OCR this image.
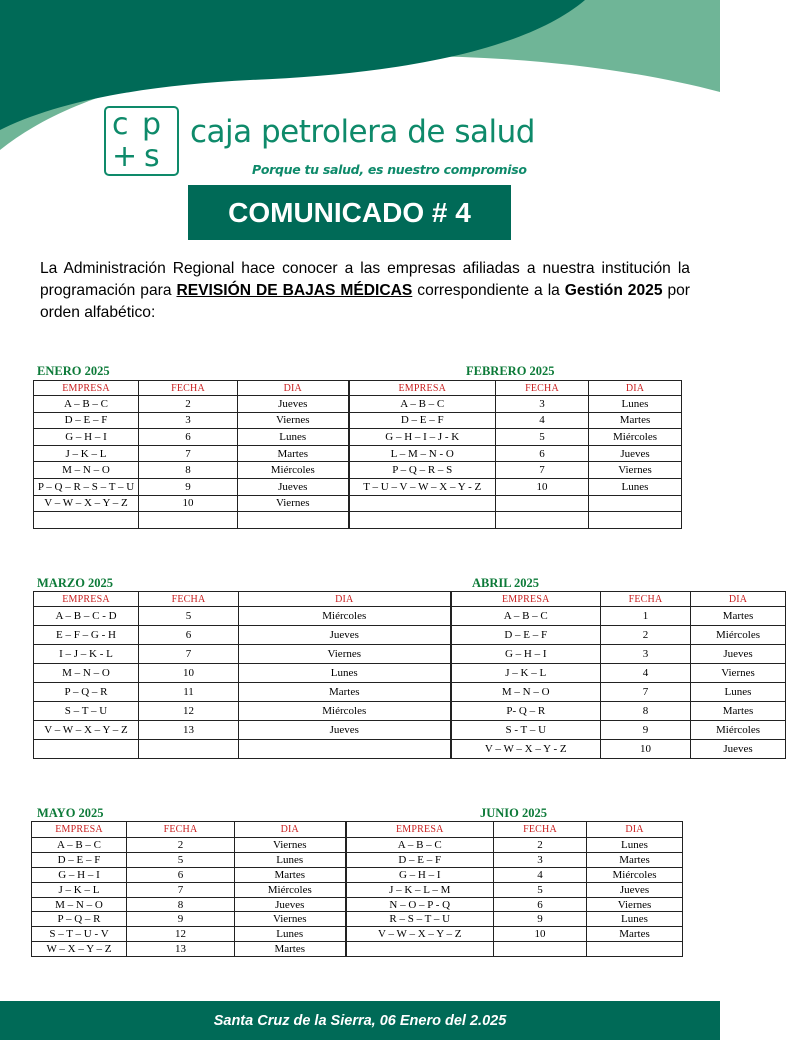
c p
+ s
caja petrolera de salud
Porque tu salud, es nuestro compromiso
COMUNICADO # 4

La Administración Regional hace conocer a las empresas afiliadas a nuestra institución la programación para REVISIÓN DE BAJAS MÉDICAS correspondiente a la Gestión 2025 por orden alfabético:

ENERO 2025	FEBRERO 2025
EMPRESA	FECHA	DIA	EMPRESA	FECHA	DIA
A – B – C	2	Jueves	A – B – C	3	Lunes
D – E – F	3	Viernes	D – E – F	4	Martes
G – H – I	6	Lunes	G – H – I – J - K	5	Miércoles
J – K – L	7	Martes	L – M – N - O	6	Jueves
M – N – O	8	Miércoles	P – Q – R – S	7	Viernes
P – Q – R – S – T – U	9	Jueves	T – U – V – W – X – Y - Z	10	Lunes
V – W – X – Y – Z	10	Viernes			

MARZO 2025	ABRIL 2025
EMPRESA	FECHA	DIA	EMPRESA	FECHA	DIA
A – B – C - D	5	Miércoles	A – B – C	1	Martes
E – F – G - H	6	Jueves	D – E – F	2	Miércoles
I – J – K - L	7	Viernes	G – H – I	3	Jueves
M – N – O	10	Lunes	J – K – L	4	Viernes
P – Q – R	11	Martes	M – N – O	7	Lunes
S – T – U	12	Miércoles	P- Q – R	8	Martes
V – W – X – Y – Z	13	Jueves	S - T – U	9	Miércoles
			V – W – X – Y - Z	10	Jueves
MAYO 2025	JUNIO 2025
EMPRESA	FECHA	DIA	EMPRESA	FECHA	DIA
A – B – C	2	Viernes	A – B – C	2	Lunes
D – E – F	5	Lunes	D – E – F	3	Martes
G – H – I	6	Martes	G – H – I	4	Miércoles
J – K – L	7	Miércoles	J – K – L – M	5	Jueves
M – N – O	8	Jueves	N – O – P - Q	6	Viernes
P – Q – R	9	Viernes	R – S – T – U	9	Lunes
S – T – U - V	12	Lunes	V – W – X – Y – Z	10	Martes
W – X – Y – Z	13	Martes			
Santa Cruz de la Sierra, 06 Enero del 2.025
